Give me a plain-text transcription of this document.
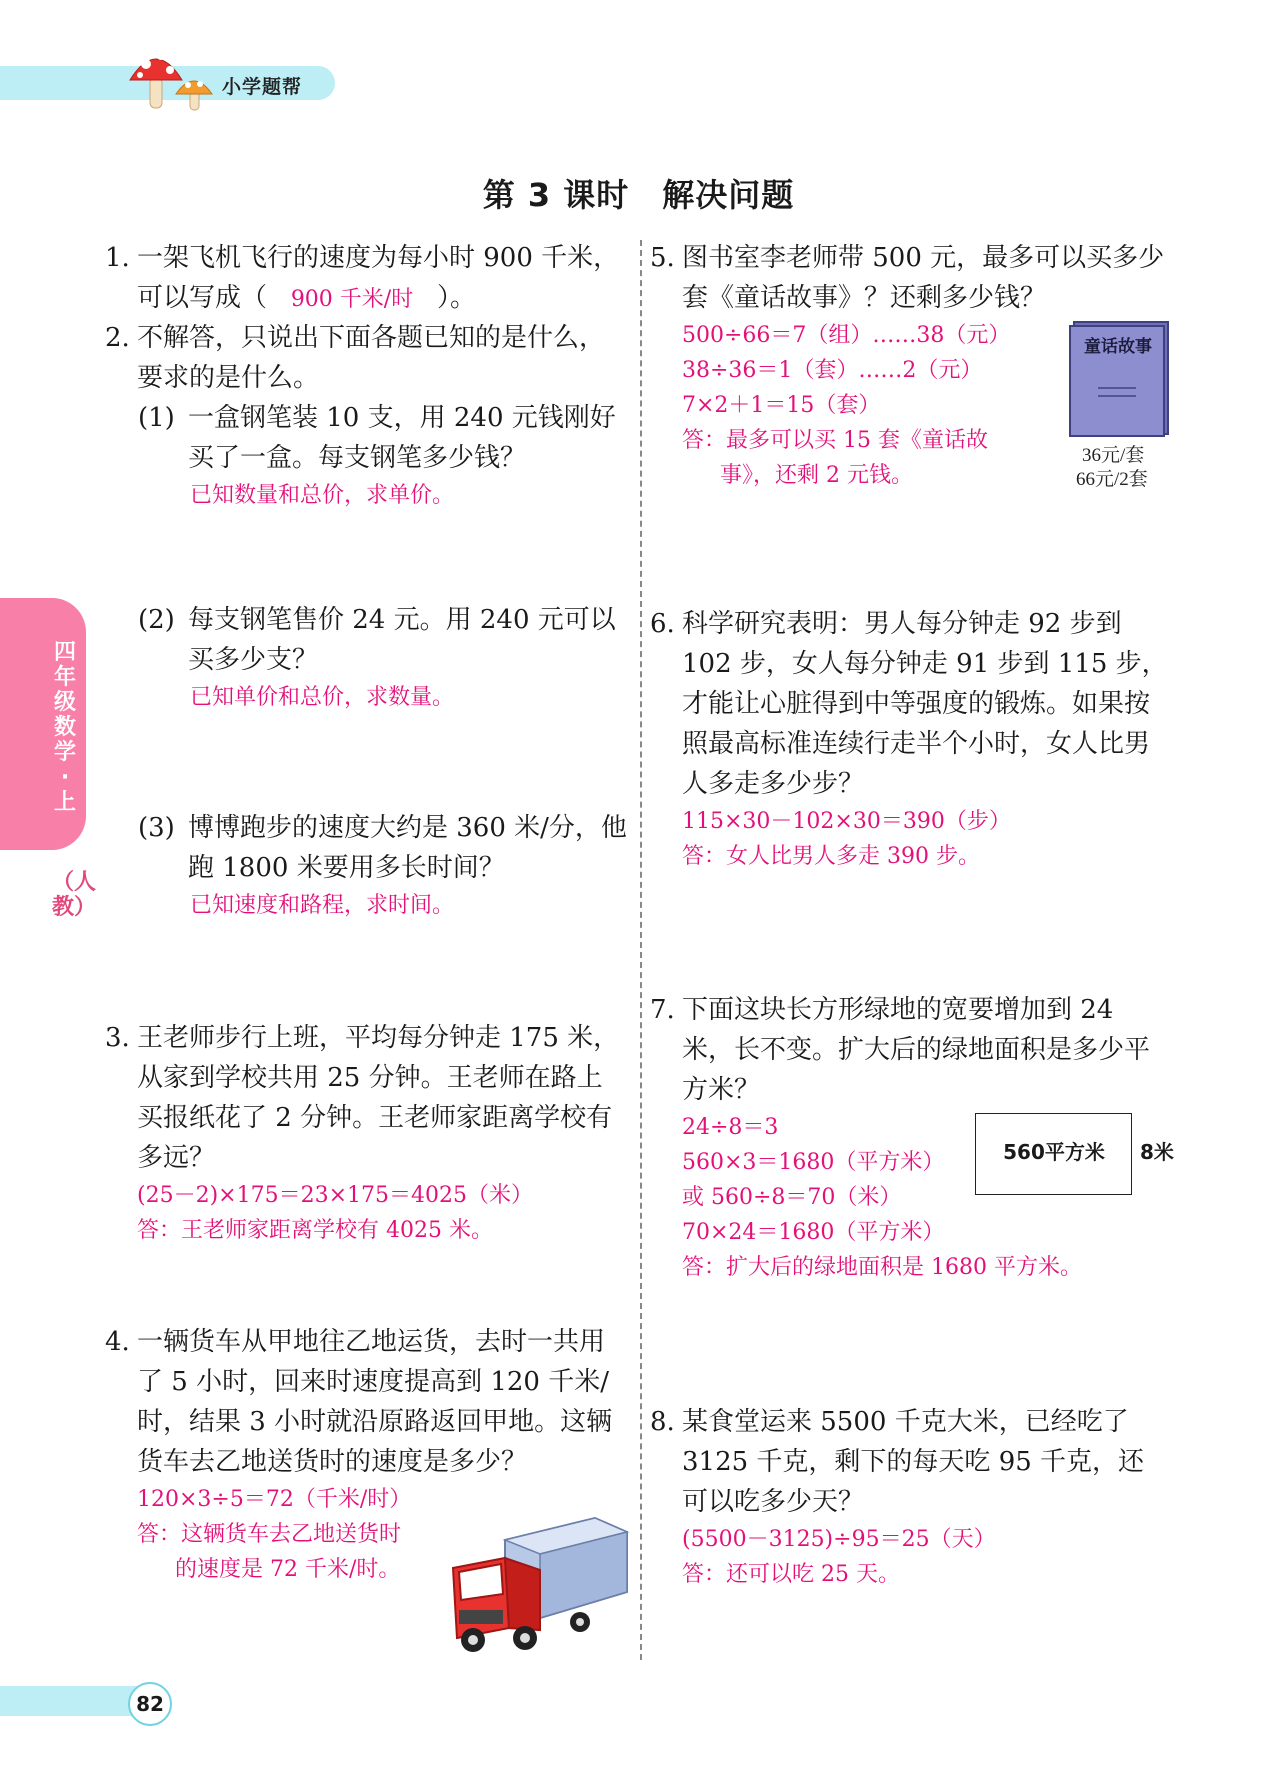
小学题帮
第 3 课时　解决问题
四年级数学·上
（人教）
1. 一架飞机飞行的速度为每小时 900 千米，可以写成（ 900 千米/时 ）。
2. 不解答，只说出下面各题已知的是什么，要求的是什么。
(1) 一盒钢笔装 10 支，用 240 元钱刚好买了一盒。每支钢笔多少钱？
已知数量和总价，求单价。
(2) 每支钢笔售价 24 元。用 240 元可以买多少支？
已知单价和总价，求数量。
(3) 博博跑步的速度大约是 360 米/分，他跑 1800 米要用多长时间？
已知速度和路程，求时间。
3. 王老师步行上班，平均每分钟走 175 米，从家到学校共用 25 分钟。王老师在路上买报纸花了 2 分钟。王老师家距离学校有多远？
(25－2)×175＝23×175＝4025（米）
答：王老师家距离学校有 4025 米。
4. 一辆货车从甲地往乙地运货，去时一共用了 5 小时，回来时速度提高到 120 千米/时，结果 3 小时就沿原路返回甲地。这辆货车去乙地送货时的速度是多少？
120×3÷5＝72（千米/时）
答：这辆货车去乙地送货时
的速度是 72 千米/时。
5. 图书室李老师带 500 元，最多可以买多少套《童话故事》？还剩多少钱？
500÷66＝7（组）……38（元）
38÷36＝1（套）……2（元）
7×2＋1＝15（套）
答：最多可以买 15 套《童话故
事》，还剩 2 元钱。
童话故事
36元/套
66元/2套
6. 科学研究表明：男人每分钟走 92 步到 102 步，女人每分钟走 91 步到 115 步，才能让心脏得到中等强度的锻炼。如果按照最高标准连续行走半个小时，女人比男人多走多少步？
115×30－102×30＝390（步）
答：女人比男人多走 390 步。
7. 下面这块长方形绿地的宽要增加到 24 米，长不变。扩大后的绿地面积是多少平方米？
24÷8＝3
560×3＝1680（平方米）
或 560÷8＝70（米）
70×24＝1680（平方米）
答：扩大后的绿地面积是 1680 平方米。
560平方米	8米
8. 某食堂运来 5500 千克大米，已经吃了 3125 千克，剩下的每天吃 95 千克，还可以吃多少天？
(5500－3125)÷95＝25（天）
答：还可以吃 25 天。
82
